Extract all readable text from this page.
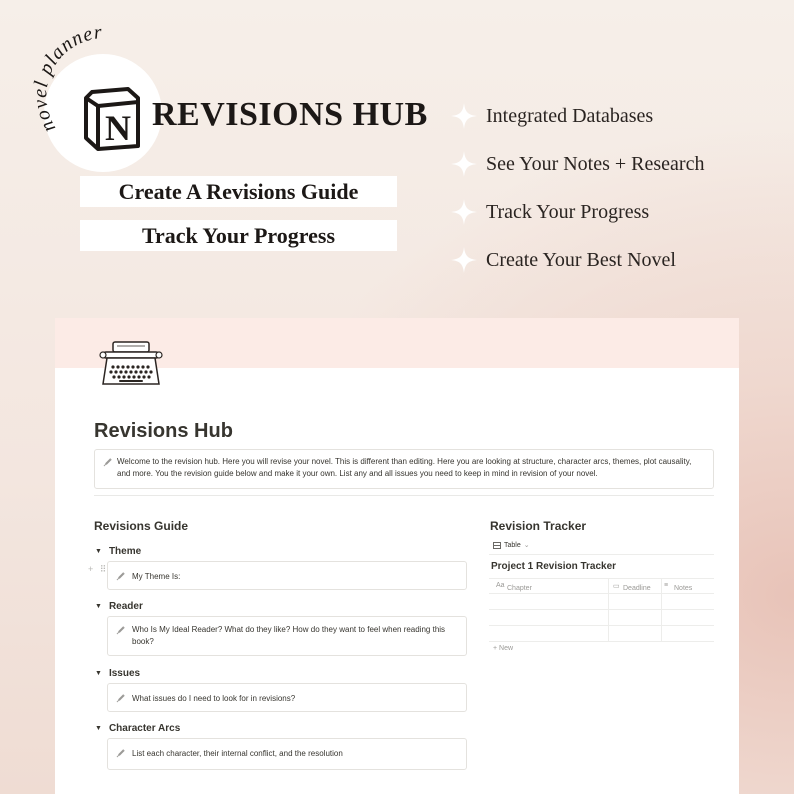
novel planner
N REVISIONS HUB
Create A Revisions Guide
Track Your Progress
Integrated Databases
See Your Notes + Research
Track Your Progress
Create Your Best Novel
Revisions Hub
Welcome to the revision hub. Here you will revise your novel. This is different than editing. Here you are looking at structure, character arcs, themes, plot causality, and more. You the revision guide below and make it your own. List any and all issues you need to keep in mind in revision of your novel.
Revisions Guide
▼ Theme
+ ⠿
My Theme Is:
▼ Reader
Who Is My Ideal Reader? What do they like? How do they want to feel when reading this book?
▼ Issues
What issues do I need to look for in revisions?
▼ Character Arcs
List each character, their internal conflict, and the resolution
Revision Tracker
Table ⌄
Project 1 Revision Tracker
Aa Chapter	▭ Deadline ≡ Notes
+ New
